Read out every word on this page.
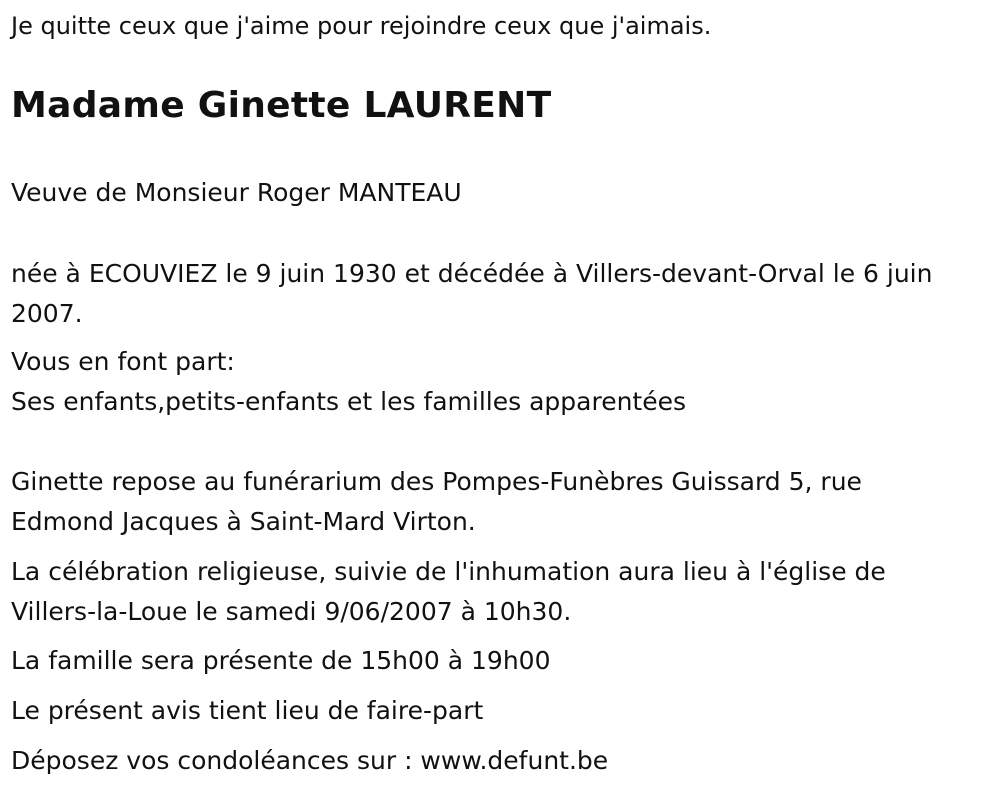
Je quitte ceux que j'aime pour rejoindre ceux que j'aimais.
Madame Ginette LAURENT
Veuve de Monsieur Roger MANTEAU
née à ECOUVIEZ le 9 juin 1930 et décédée à Villers-devant-Orval le 6 juin
2007.
Vous en font part:
Ses enfants,petits-enfants et les familles apparentées
Ginette repose au funérarium des Pompes-Funèbres Guissard 5, rue
Edmond Jacques à Saint-Mard Virton.
La célébration religieuse, suivie de l'inhumation aura lieu à l'église de
Villers-la-Loue le samedi 9/06/2007 à 10h30.
La famille sera présente de 15h00 à 19h00
Le présent avis tient lieu de faire-part
Déposez vos condoléances sur : www.defunt.be
